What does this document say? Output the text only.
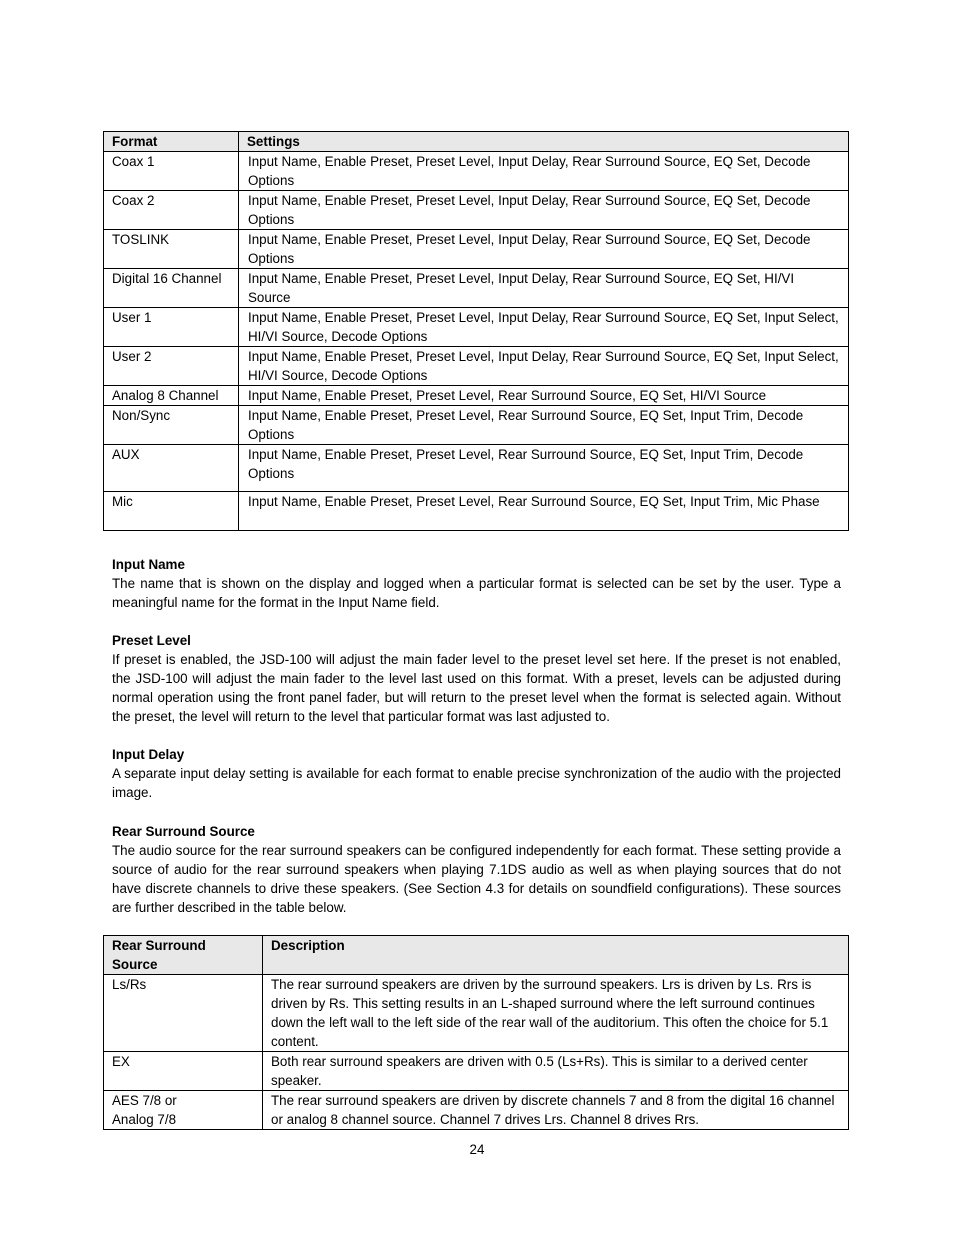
Format	Settings
Coax 1	Input Name, Enable Preset, Preset Level, Input Delay, Rear Surround Source, EQ Set, Decode Options
Coax 2	Input Name, Enable Preset, Preset Level, Input Delay, Rear Surround Source, EQ Set, Decode Options
TOSLINK	Input Name, Enable Preset, Preset Level, Input Delay, Rear Surround Source, EQ Set, Decode Options
Digital 16 Channel	Input Name, Enable Preset, Preset Level, Input Delay, Rear Surround Source, EQ Set, HI/VI Source
User 1	Input Name, Enable Preset, Preset Level, Input Delay, Rear Surround Source, EQ Set, Input Select, HI/VI Source, Decode Options
User 2	Input Name, Enable Preset, Preset Level, Input Delay, Rear Surround Source, EQ Set, Input Select, HI/VI Source, Decode Options
Analog 8 Channel	Input Name, Enable Preset, Preset Level, Rear Surround Source, EQ Set, HI/VI Source
Non/Sync	Input Name, Enable Preset, Preset Level, Rear Surround Source, EQ Set, Input Trim, Decode Options
AUX	Input Name, Enable Preset, Preset Level, Rear Surround Source, EQ Set, Input Trim, Decode Options
Mic	Input Name, Enable Preset, Preset Level, Rear Surround Source, EQ Set, Input Trim, Mic Phase
Input Name

The name that is shown on the display and logged when a particular format is selected can be set by the user. Type a meaningful name for the format in the Input Name field.

Preset Level

If preset is enabled, the JSD-100 will adjust the main fader level to the preset level set here. If the preset is not enabled, the JSD-100 will adjust the main fader to the level last used on this format. With a preset, levels can be adjusted during normal operation using the front panel fader, but will return to the preset level when the format is selected again. Without the preset, the level will return to the level that particular format was last adjusted to.

Input Delay

A separate input delay setting is available for each format to enable precise synchronization of the audio with the projected image.

Rear Surround Source

The audio source for the rear surround speakers can be configured independently for each format. These setting provide a source of audio for the rear surround speakers when playing 7.1DS audio as well as when playing sources that do not have discrete channels to drive these speakers. (See Section 4.3 for details on soundfield configurations). These sources are further described in the table below.

Rear Surround Source	Description

Ls/Rs	The rear surround speakers are driven by the surround speakers. Lrs is driven by Ls. Rrs is driven by Rs. This setting results in an L-shaped surround where the left surround continues down the left wall to the left side of the rear wall of the auditorium. This often the choice for 5.1 content.

EX	Both rear surround speakers are driven with 0.5 (Ls+Rs). This is similar to a derived center speaker.

AES 7/8 or
Analog 7/8	The rear surround speakers are driven by discrete channels 7 and 8 from the digital 16 channel or analog 8 channel source. Channel 7 drives Lrs. Channel 8 drives Rrs.
24
